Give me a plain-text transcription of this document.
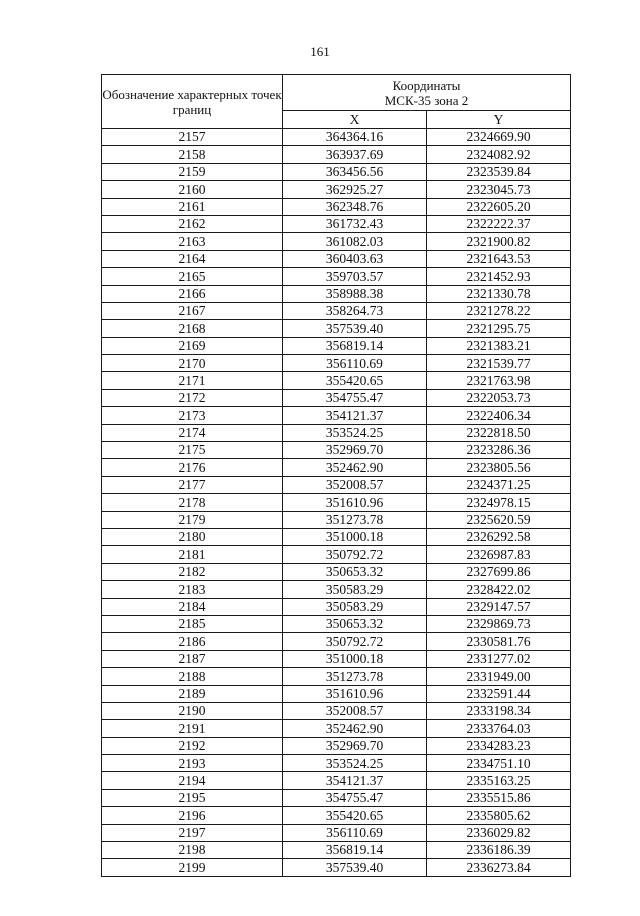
161
Обозначение характерных точек границ	Координаты
МСК-35 зона 2	
	X	Y
2157	364364.16	2324669.90
2158	363937.69	2324082.92
2159	363456.56	2323539.84
2160	362925.27	2323045.73
2161	362348.76	2322605.20
2162	361732.43	2322222.37
2163	361082.03	2321900.82
2164	360403.63	2321643.53
2165	359703.57	2321452.93
2166	358988.38	2321330.78
2167	358264.73	2321278.22
2168	357539.40	2321295.75
2169	356819.14	2321383.21
2170	356110.69	2321539.77
2171	355420.65	2321763.98
2172	354755.47	2322053.73
2173	354121.37	2322406.34
2174	353524.25	2322818.50
2175	352969.70	2323286.36
2176	352462.90	2323805.56
2177	352008.57	2324371.25
2178	351610.96	2324978.15
2179	351273.78	2325620.59
2180	351000.18	2326292.58
2181	350792.72	2326987.83
2182	350653.32	2327699.86
2183	350583.29	2328422.02
2184	350583.29	2329147.57
2185	350653.32	2329869.73
2186	350792.72	2330581.76
2187	351000.18	2331277.02
2188	351273.78	2331949.00
2189	351610.96	2332591.44
2190	352008.57	2333198.34
2191	352462.90	2333764.03
2192	352969.70	2334283.23
2193	353524.25	2334751.10
2194	354121.37	2335163.25
2195	354755.47	2335515.86
2196	355420.65	2335805.62
2197	356110.69	2336029.82
2198	356819.14	2336186.39
2199	357539.40	2336273.84
